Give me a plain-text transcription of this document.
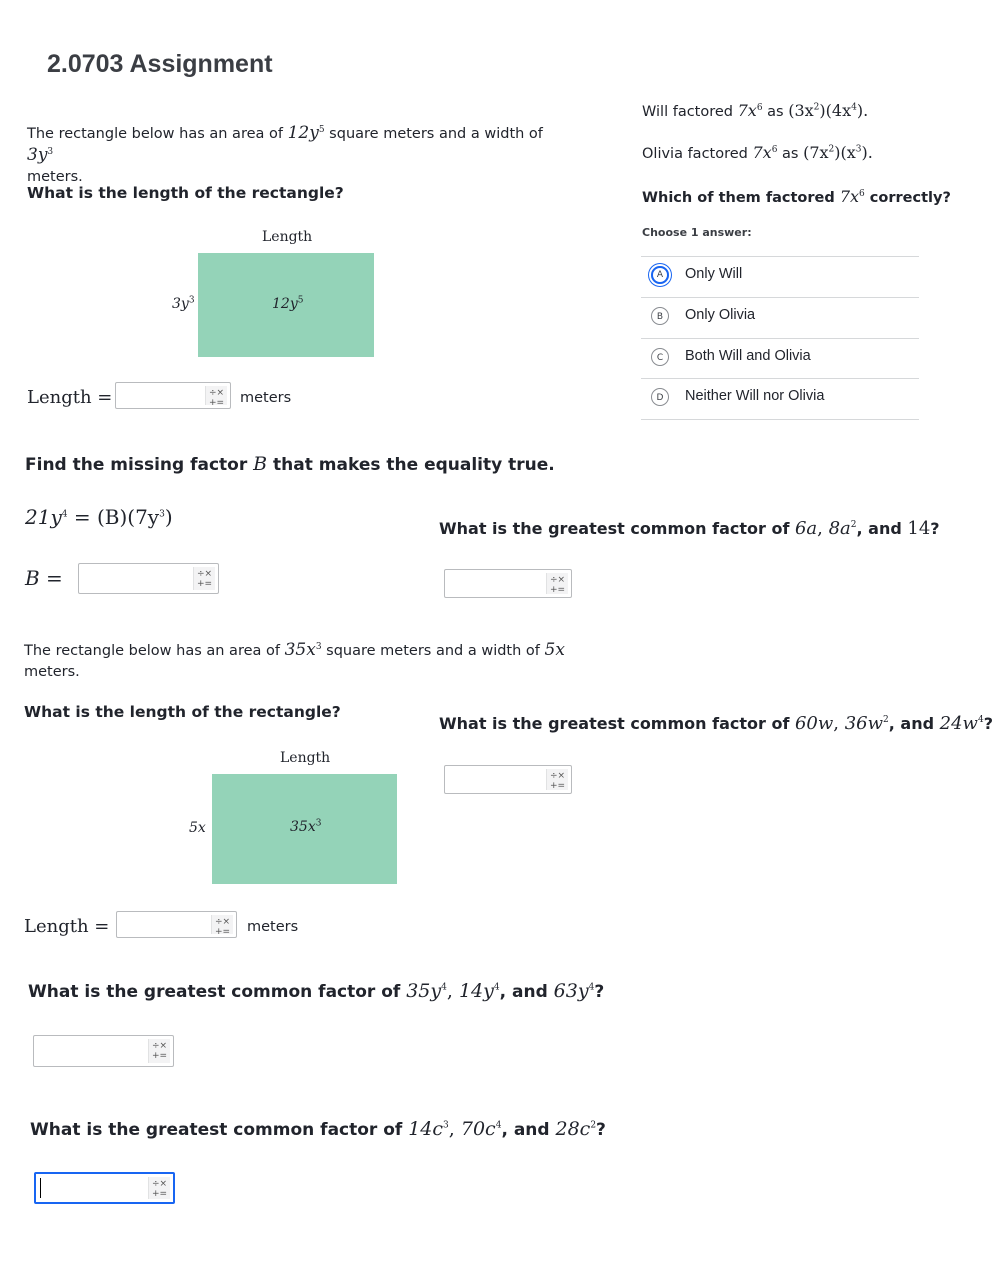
2.0703 Assignment
The rectangle below has an area of $12y^5$ square meters and a width of $3y^3$
meters.
What is the length of the rectangle?
Length
$3y^3$	$12y^5$
Length =	÷×
+= meters
Find the missing factor B that makes the equality true.
$21y^4 = (B)(7y^3)$
B =	÷×
+=
Will factored $7x^6$ as $(3x^2)(4x^4)$.
Olivia factored $7x^6$ as $(7x^2)(x^3)$.
Which of them factored $7x^6$ correctly?
Choose 1 answer:
A	Only Will
B	Only Olivia
C	Both Will and Olivia
D	Neither Will nor Olivia
What is the greatest common factor of 6a, $8a^2$, and 14?
÷×
+=
The rectangle below has an area of $35x^3$ square meters and a width of 5x
meters.
What is the length of the rectangle?
Length
5x	$35x^3$
Length =	÷×
+= meters
What is the greatest common factor of 60w, $36w^2$, and $24w^4$?
÷×
+=
What is the greatest common factor of $35y^4$, $14y^4$, and $63y^4$?
÷×
+=
What is the greatest common factor of $14c^3$, $70c^4$, and $28c^2$?
÷×
+=
